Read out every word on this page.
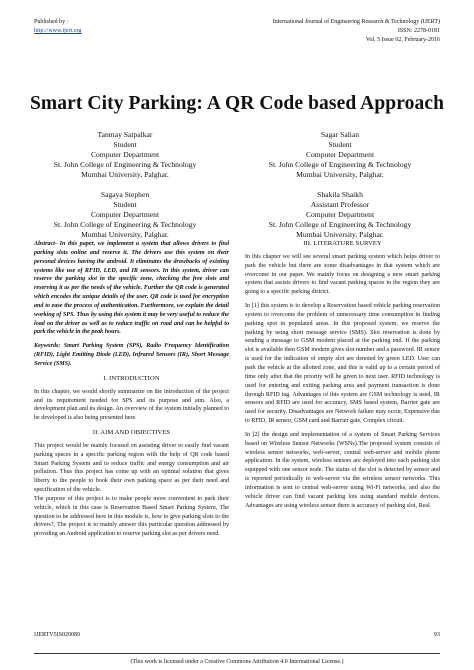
Published by :
http://www.ijert.org
International Journal of Engineering Research & Technology (IJERT)
ISSN: 2278-0181
Vol. 5 Issue 02, February-2016
Smart City Parking: A QR Code based Approach
Tanmay Satpalkar
Student
Computer Department
St. John College of Engineering & Technology
Mumbai University, Palghar.
Sagar Salian
Student
Computer Department
St. John College of Engineering & Technology
Mumbai University, Palghar.
Sagaya Stephen
Student
Computer Department
St. John College of Engineering & Technology
Mumbai University, Palghar.
Shakila Shaikh
Assistant Professor
Computer Department
St. John College of Engineering & Technology
Mumbai University, Palghar.

Abstract- In this paper, we implement a system that allows drivers to find parking slots online and reserve it. The drivers use this system on their personal devices having the android. It eliminates the drawbacks of existing systems like use of RFID, LED, and IR sensors. In this system, driver can reserve the parking slot in the specific zone, checking the free slots and reserving it as per the needs of the vehicle. Further the QR code is generated which encodes the unique details of the user. QR code is used for encryption and to ease the process of authentication. Furthermore, we explain the detail working of SPS. Thus by using this system it may be very useful to reduce the load on the driver as well as to reduce traffic on road and can be helpful to park the vehicle in the peak hours.

Keywords: Smart Parking System (SPS), Radio Frequency Identification (RFID), Light Emitting Diode (LED), Infrared Sensors (IR), Short Message Service (SMS).

I. INTRODUCTION

In this chapter, we would shortly summarize on the introduction of the project and its requirement needed for SPS and its purpose and aim. Also, a development plan and its design. An overview of the system initially planned to be developed is also being presented here.

II. AIM AND OBJECTIVES

This project would be mainly focused on assisting driver to easily find vacant parking spaces in a specific parking region with the help of QR code based Smart Parking System and to reduce traffic and energy consumption and air pollution. Thus this project has come up with an optimal solution that gives liberty to the people to book their own parking space as per their need and specification of the vehicle.

The purpose of this project is to make people more convenient to park their vehicle, which in this case is Reservation Based Smart Parking System, The question to be addressed here in this module is, how to give parking slots to the drivers?, The project is to mainly answer this particular question addressed by providing an Android application to reserve parking slot as per drivers need.

III. LITERATURE SURVEY

In this chapter we will see several smart parking system which helps driver to park the vehicle but there are some disadvantages in that system which are overcome in our paper. We mainly focus on designing a new smart parking system that assists drivers to find vacant parking spaces in the region they are going to a specific parking district.

In [1] this system is to develop a Reservation based vehicle parking reservation system to overcome the problem of unnecessary time consumption in finding parking spot in populated areas. In this proposed system, we reserve the parking by using short message service (SMS). Slot reservation is done by sending a message to GSM modem placed at the parking end. If the parking slot is available then GSM modem gives slot number and a password. IR sensor is used for the indication of empty slot are denoted by green LED. User can park the vehicle at the allotted zone, and this is valid up to a certain period of time only after that the priority will be given to next user. RFID technology is used for entering and exiting parking area and payment transaction is done through RFID tag. Advantages of this system are GSM technology is used, IR sensors and RFID are used for accuracy, SMS based system, Barrier gate are used for security. Disadvantages are Network failure may occur, Expensive due to RFID, IR sensor, GSM card and Barrier gate, Complex circuit.

In [2] the design and implementation of a system of Smart Parking Services based on Wireless Sensor Networks (WSNs).The proposed system consists of wireless sensor networks, web-server, central web-server and mobile phone application. In the system, wireless sensors are deployed into each parking slot equipped with one sensor node. The status of the slot is detected by sensor and is reported periodically to web-server via the wireless sensor networks. This information is sent to central web-server using Wi-Fi networks, and also the vehicle driver can find vacant parking lots using standard mobile devices. Advantages are using wireless sensor there is accuracy of parking slot, Real

IJERTV5IS020089	93
(This work is licensed under a Creative Commons Attribution 4.0 International License.)
